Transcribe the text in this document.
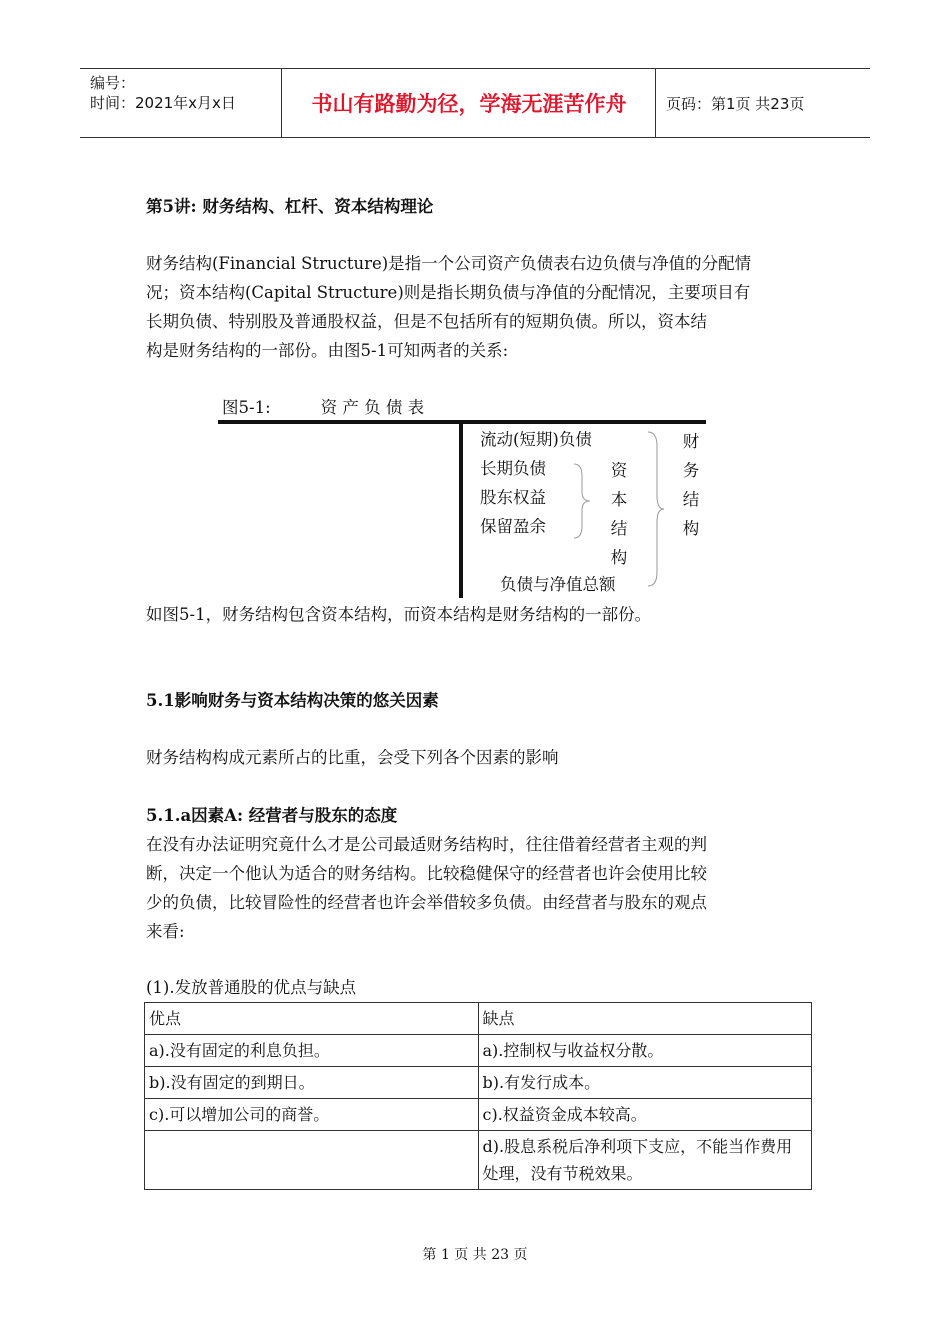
编号：
时间：2021年x月x日	书山有路勤为径，学海无涯苦作舟	页码：第1页 共23页
第5讲: 财务结构、杠杆、资本结构理论
财务结构(Financial Structure)是指一个公司资产负债表右边负债与净值的分配情
况；资本结构(Capital Structure)则是指长期负债与净值的分配情况，主要项目有
长期负债、特别股及普通股权益，但是不包括所有的短期负债。所以，资本结
构是财务结构的一部份。由图5-1可知两者的关系:
图5-1:	资 产 负 债 表
流动(短期)负债
长期负债
股东权益
保留盈余
负债与净值总额
资
本
结
构
财
务
结
构
如图5-1，财务结构包含资本结构，而资本结构是财务结构的一部份。
5.1影响财务与资本结构决策的悠关因素
财务结构构成元素所占的比重，会受下列各个因素的影响
5.1.a因素A: 经营者与股东的态度
在没有办法证明究竟什么才是公司最适财务结构时，往往借着经营者主观的判
断，决定一个他认为适合的财务结构。比较稳健保守的经营者也许会使用比较
少的负债，比较冒险性的经营者也许会举借较多负债。由经营者与股东的观点
来看:
(1).发放普通股的优点与缺点
优点	缺点
a).没有固定的利息负担。	a).控制权与收益权分散。
b).没有固定的到期日。	b).有发行成本。
c).可以增加公司的商誉。	c).权益资金成本较高。
	d).股息系税后净利项下支应，不能当作费用处理，没有节税效果。
第 1 页 共 23 页
